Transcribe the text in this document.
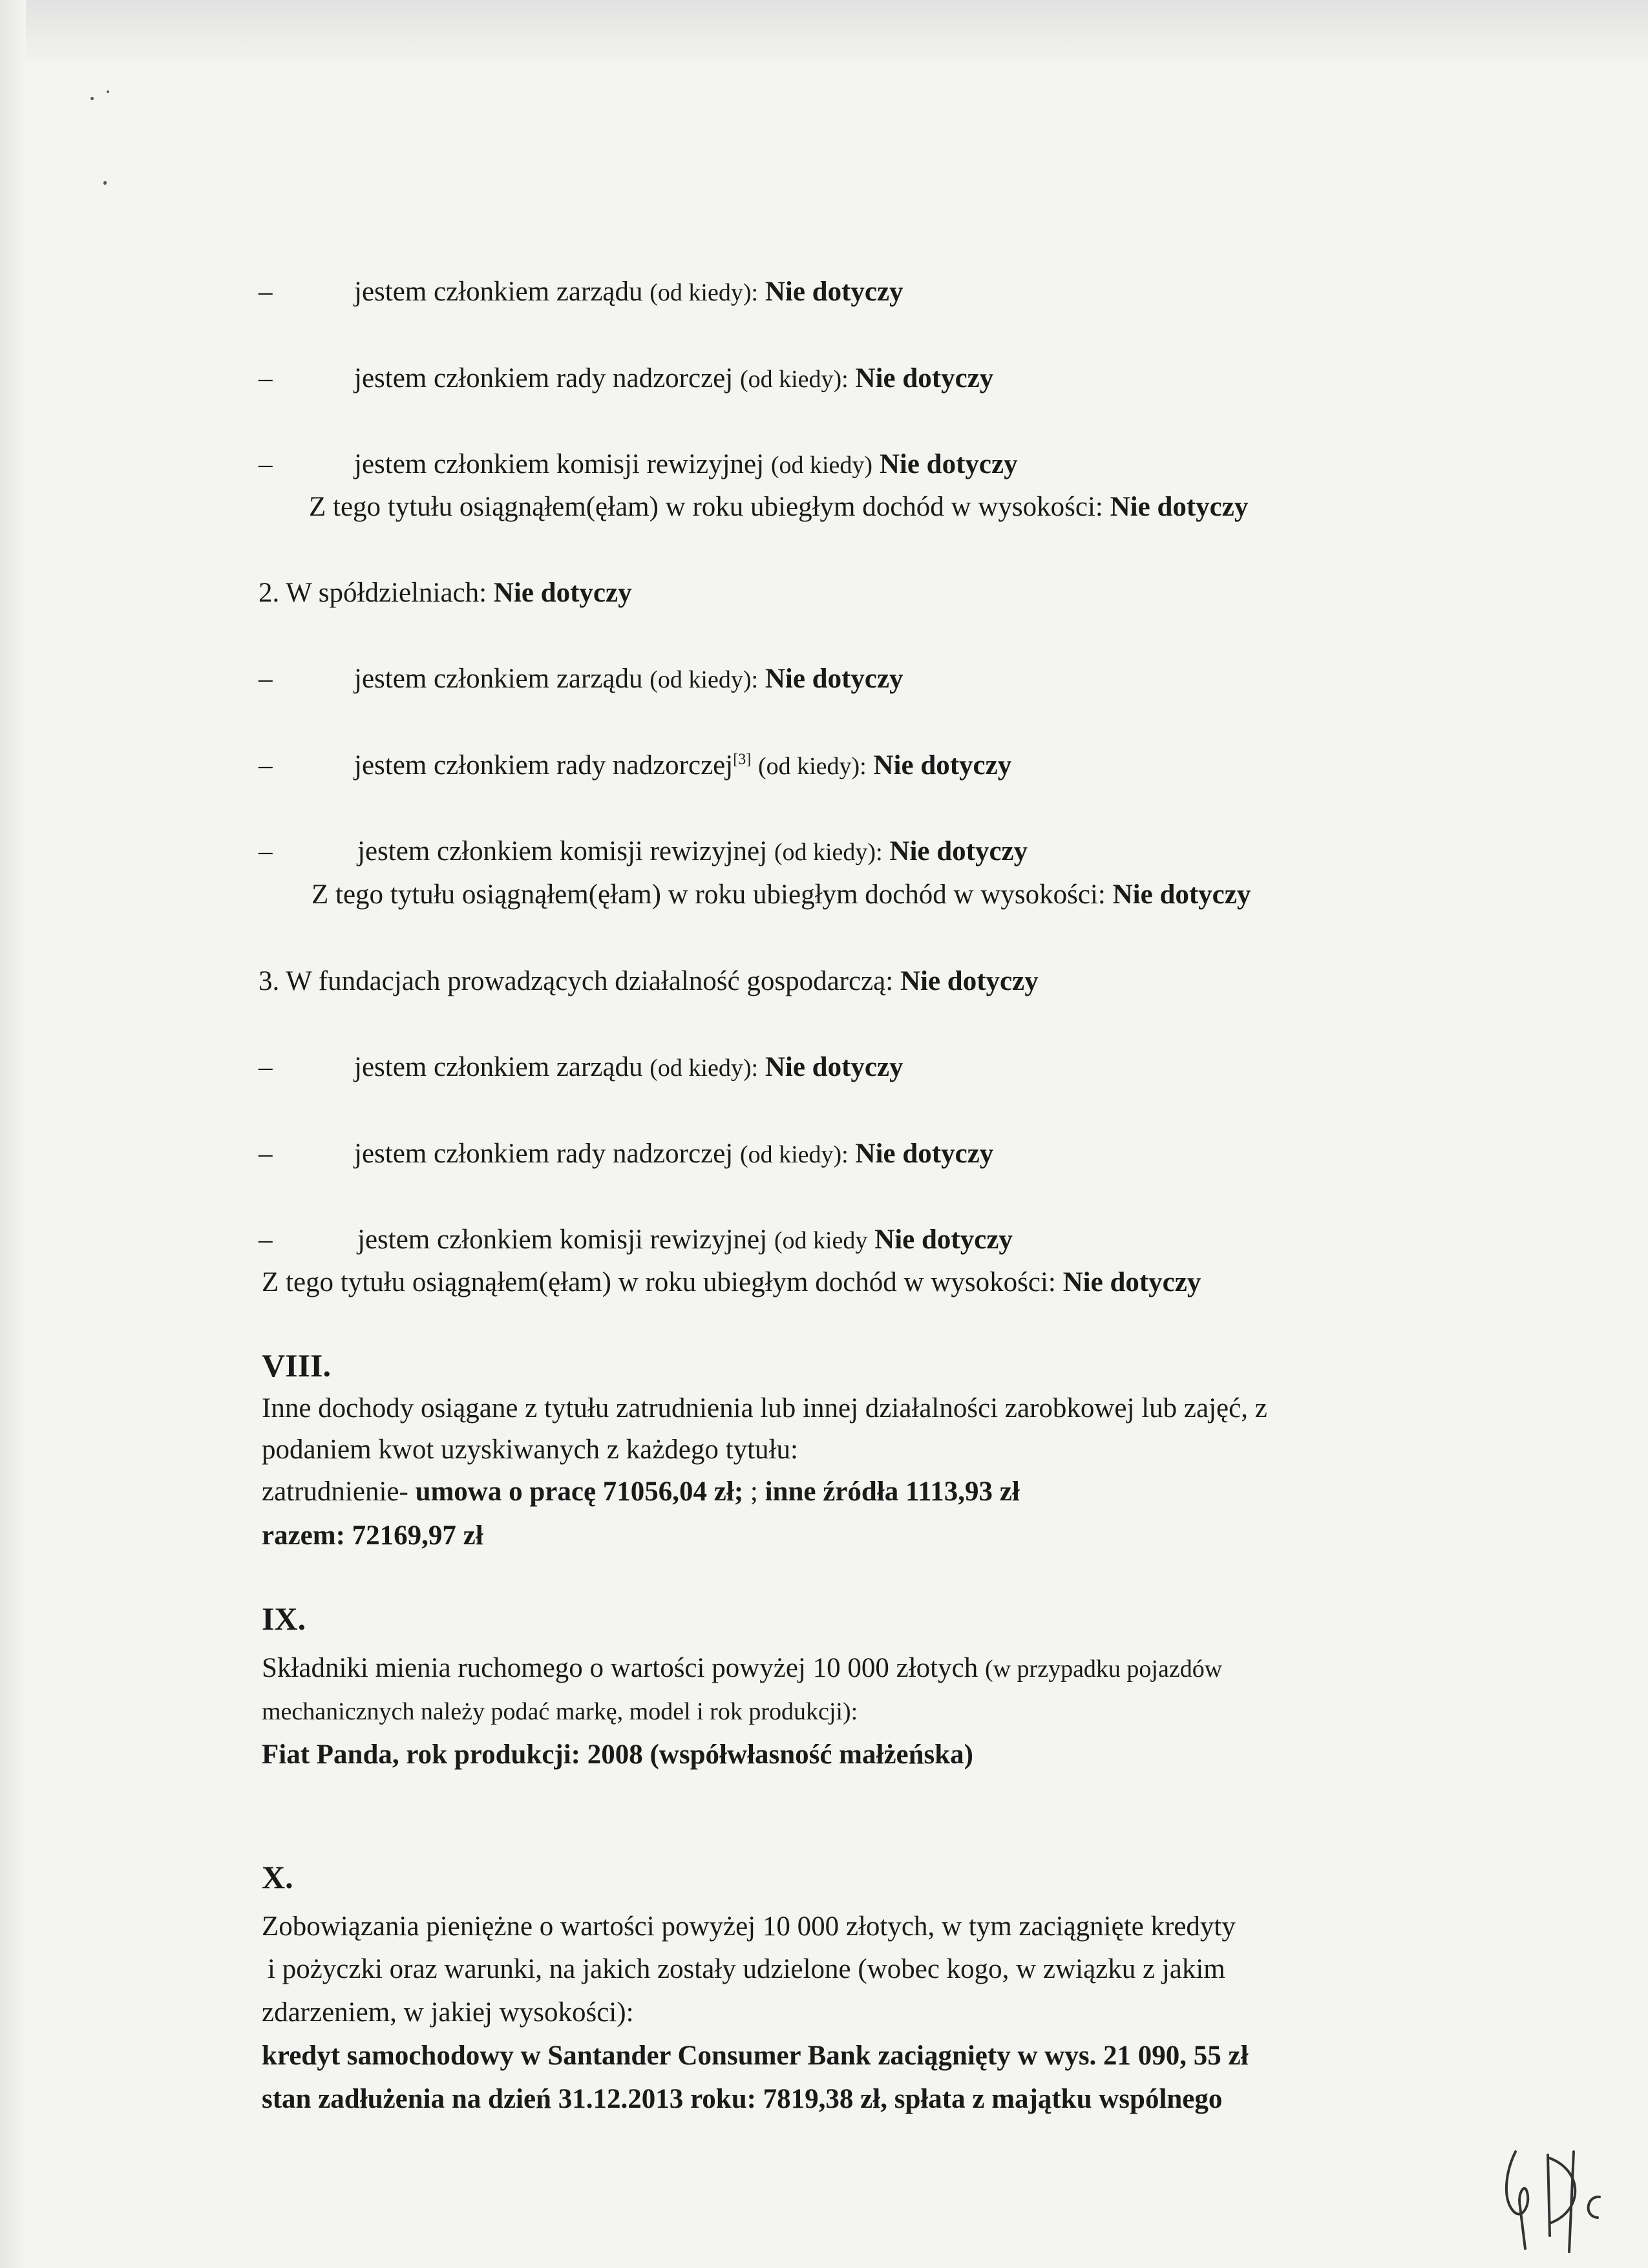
–	jestem członkiem zarządu (od kiedy): Nie dotyczy
–	jestem członkiem rady nadzorczej (od kiedy): Nie dotyczy
–	jestem członkiem komisji rewizyjnej (od kiedy) Nie dotyczy
Z tego tytułu osiągnąłem(ęłam) w roku ubiegłym dochód w wysokości: Nie dotyczy
2. W spółdzielniach: Nie dotyczy
–	jestem członkiem zarządu (od kiedy): Nie dotyczy
–	jestem członkiem rady nadzorczej[3] (od kiedy): Nie dotyczy
–	jestem członkiem komisji rewizyjnej (od kiedy): Nie dotyczy
Z tego tytułu osiągnąłem(ęłam) w roku ubiegłym dochód w wysokości: Nie dotyczy
3. W fundacjach prowadzących działalność gospodarczą: Nie dotyczy
–	jestem członkiem zarządu (od kiedy): Nie dotyczy
–	jestem członkiem rady nadzorczej (od kiedy): Nie dotyczy
–	jestem członkiem komisji rewizyjnej (od kiedy Nie dotyczy
Z tego tytułu osiągnąłem(ęłam) w roku ubiegłym dochód w wysokości: Nie dotyczy
VIII.
Inne dochody osiągane z tytułu zatrudnienia lub innej działalności zarobkowej lub zajęć, z
podaniem kwot uzyskiwanych z każdego tytułu:
zatrudnienie- umowa o pracę 71056,04 zł; ; inne źródła 1113,93 zł
razem: 72169,97 zł
IX.
Składniki mienia ruchomego o wartości powyżej 10 000 złotych (w przypadku pojazdów
mechanicznych należy podać markę, model i rok produkcji):
Fiat Panda, rok produkcji: 2008 (współwłasność małżeńska)
X.
Zobowiązania pieniężne o wartości powyżej 10 000 złotych, w tym zaciągnięte kredyty
i pożyczki oraz warunki, na jakich zostały udzielone (wobec kogo, w związku z jakim
zdarzeniem, w jakiej wysokości):
kredyt samochodowy w Santander Consumer Bank zaciągnięty w wys. 21 090, 55 zł
stan zadłużenia na dzień 31.12.2013 roku: 7819,38 zł, spłata z majątku wspólnego
